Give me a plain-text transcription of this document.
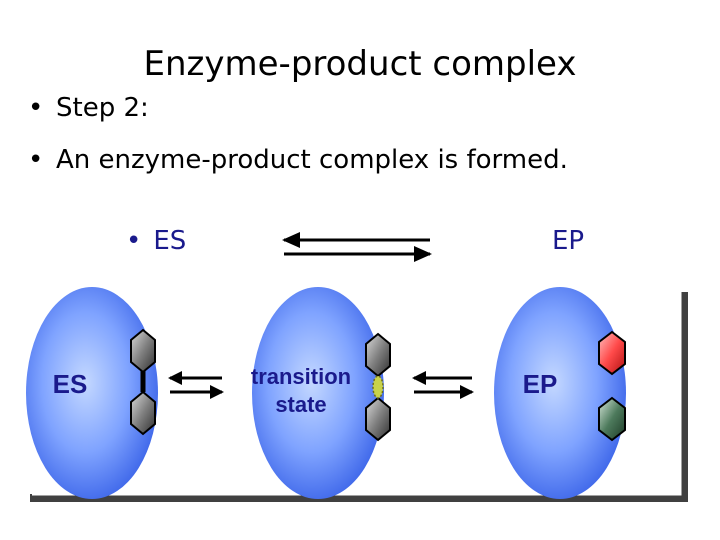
Enzyme-product complex
• Step 2:
• An enzyme-product complex is formed.
• ES	EP
ES	transition
state
EP
